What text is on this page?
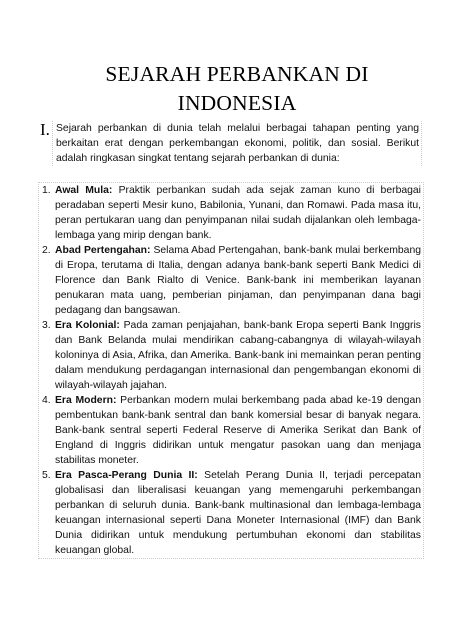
SEJARAH PERBANKAN DI
INDONESIA
I. Sejarah perbankan di dunia telah melalui berbagai tahapan penting yang berkaitan erat dengan perkembangan ekonomi, politik, dan sosial. Berikut adalah ringkasan singkat tentang sejarah perbankan di dunia:
1. Awal Mula: Praktik perbankan sudah ada sejak zaman kuno di berbagai peradaban seperti Mesir kuno, Babilonia, Yunani, dan Romawi. Pada masa itu, peran pertukaran uang dan penyimpanan nilai sudah dijalankan oleh lembaga-lembaga yang mirip dengan bank.
2. Abad Pertengahan: Selama Abad Pertengahan, bank-bank mulai berkembang di Eropa, terutama di Italia, dengan adanya bank-bank seperti Bank Medici di Florence dan Bank Rialto di Venice. Bank-bank ini memberikan layanan penukaran mata uang, pemberian pinjaman, dan penyimpanan dana bagi pedagang dan bangsawan.
3. Era Kolonial: Pada zaman penjajahan, bank-bank Eropa seperti Bank Inggris dan Bank Belanda mulai mendirikan cabang-cabangnya di wilayah-wilayah koloninya di Asia, Afrika, dan Amerika. Bank-bank ini memainkan peran penting dalam mendukung perdagangan internasional dan pengembangan ekonomi di wilayah-wilayah jajahan.
4. Era Modern: Perbankan modern mulai berkembang pada abad ke-19 dengan pembentukan bank-bank sentral dan bank komersial besar di banyak negara. Bank-bank sentral seperti Federal Reserve di Amerika Serikat dan Bank of England di Inggris didirikan untuk mengatur pasokan uang dan menjaga stabilitas moneter.
5. Era Pasca-Perang Dunia II: Setelah Perang Dunia II, terjadi percepatan globalisasi dan liberalisasi keuangan yang memengaruhi perkembangan perbankan di seluruh dunia. Bank-bank multinasional dan lembaga-lembaga keuangan internasional seperti Dana Moneter Internasional (IMF) dan Bank Dunia didirikan untuk mendukung pertumbuhan ekonomi dan stabilitas keuangan global.
